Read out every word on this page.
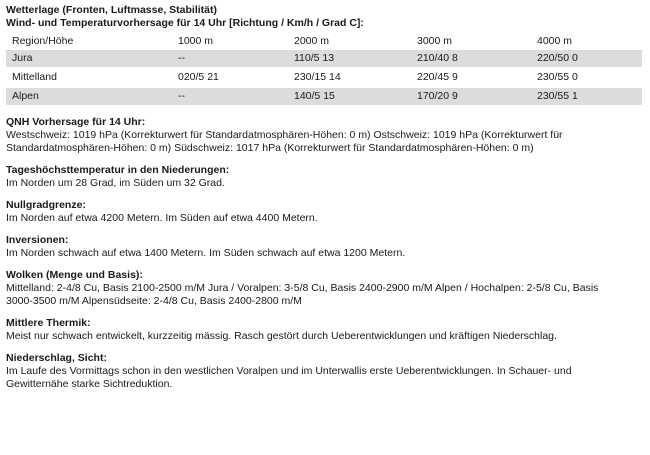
Wetterlage (Fronten, Luftmasse, Stabilität)

Wind- und Temperaturvorhersage für 14 Uhr [Richtung / Km/h / Grad C]:

Region/Höhe	1000 m	2000 m	3000 m	4000 m
Jura	--	110/5 13	210/40 8	220/50 0

Mittelland	020/5 21	230/15 14	220/45 9	230/55 0

Alpen	--	140/5 15	170/20 9	230/55 1

QNH Vorhersage für 14 Uhr:

Westschweiz: 1019 hPa (Korrekturwert für Standardatmosphären-Höhen: 0 m) Ostschweiz: 1019 hPa (Korrekturwert für

Standardatmosphären-Höhen: 0 m) Südschweiz: 1017 hPa (Korrekturwert für Standardatmosphären-Höhen: 0 m)

Tageshöchsttemperatur in den Niederungen:

Im Norden um 28 Grad, im Süden um 32 Grad.

Nullgradgrenze:

Im Norden auf etwa 4200 Metern. Im Süden auf etwa 4400 Metern.

Inversionen:

Im Norden schwach auf etwa 1400 Metern. Im Süden schwach auf etwa 1200 Metern.

Wolken (Menge und Basis):

Mittelland: 2-4/8 Cu, Basis 2100-2500 m/M Jura / Voralpen: 3-5/8 Cu, Basis 2400-2900 m/M Alpen / Hochalpen: 2-5/8 Cu, Basis

3000-3500 m/M Alpensüdseite: 2-4/8 Cu, Basis 2400-2800 m/M

Mittlere Thermik:

Meist nur schwach entwickelt, kurzzeitig mässig. Rasch gestört durch Ueberentwicklungen und kräftigen Niederschlag.

Niederschlag, Sicht:

Im Laufe des Vormittags schon in den westlichen Voralpen und im Unterwallis erste Ueberentwicklungen. In Schauer- und

Gewitternähe starke Sichtreduktion.
